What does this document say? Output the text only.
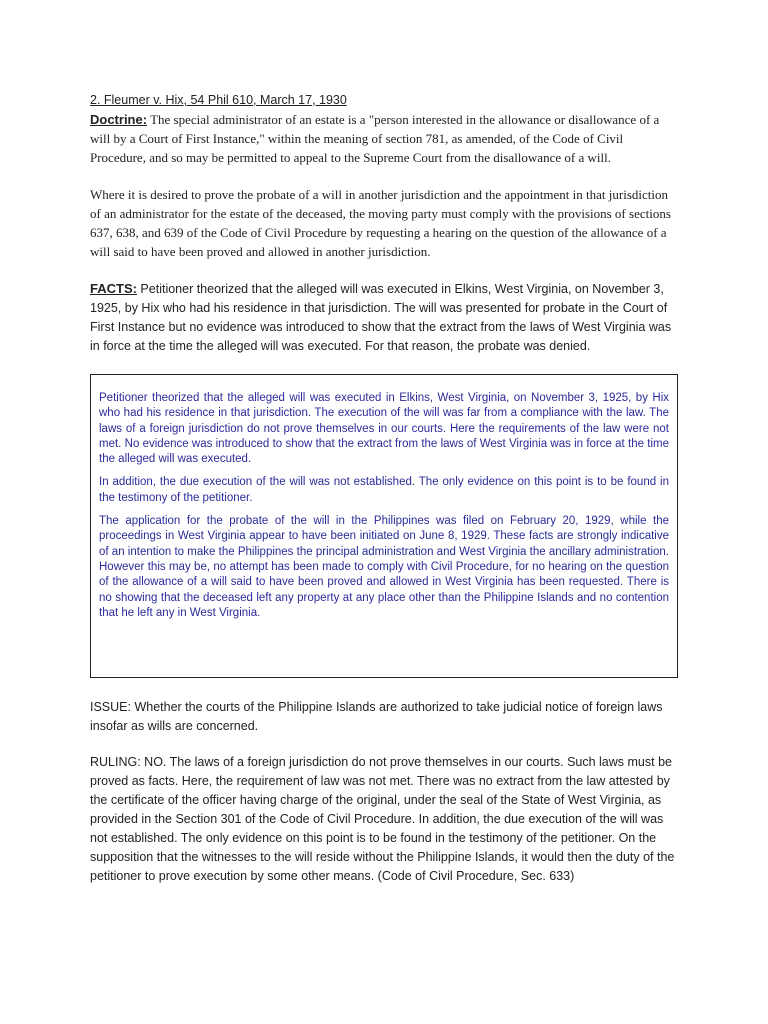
2. Fleumer v. Hix, 54 Phil 610, March 17, 1930

Doctrine: The special administrator of an estate is a "person interested in the allowance or disallowance of a will by a Court of First Instance," within the meaning of section 781, as amended, of the Code of Civil Procedure, and so may be permitted to appeal to the Supreme Court from the disallowance of a will.

Where it is desired to prove the probate of a will in another jurisdiction and the appointment in that jurisdiction of an administrator for the estate of the deceased, the moving party must comply with the provisions of sections 637, 638, and 639 of the Code of Civil Procedure by requesting a hearing on the question of the allowance of a will said to have been proved and allowed in another jurisdiction.

FACTS: Petitioner theorized that the alleged will was executed in Elkins, West Virginia, on November 3, 1925, by Hix who had his residence in that jurisdiction. The will was presented for probate in the Court of First Instance but no evidence was introduced to show that the extract from the laws of West Virginia was in force at the time the alleged will was executed. For that reason, the probate was denied.

Petitioner theorized that the alleged will was executed in Elkins, West Virginia, on November 3, 1925, by Hix who had his residence in that jurisdiction. The execution of the will was far from a compliance with the law. The laws of a foreign jurisdiction do not prove themselves in our courts. Here the requirements of the law were not met. No evidence was introduced to show that the extract from the laws of West Virginia was in force at the time the alleged will was executed.

In addition, the due execution of the will was not established. The only evidence on this point is to be found in the testimony of the petitioner.

The application for the probate of the will in the Philippines was filed on February 20, 1929, while the proceedings in West Virginia appear to have been initiated on June 8, 1929. These facts are strongly indicative of an intention to make the Philippines the principal administration and West Virginia the ancillary administration. However this may be, no attempt has been made to comply with Civil Procedure, for no hearing on the question of the allowance of a will said to have been proved and allowed in West Virginia has been requested. There is no showing that the deceased left any property at any place other than the Philippine Islands and no contention that he left any in West Virginia.

ISSUE: Whether the courts of the Philippine Islands are authorized to take judicial notice of foreign laws insofar as wills are concerned.

RULING: NO. The laws of a foreign jurisdiction do not prove themselves in our courts. Such laws must be proved as facts. Here, the requirement of law was not met. There was no extract from the law attested by the certificate of the officer having charge of the original, under the seal of the State of West Virginia, as provided in the Section 301 of the Code of Civil Procedure. In addition, the due execution of the will was not established. The only evidence on this point is to be found in the testimony of the petitioner. On the supposition that the witnesses to the will reside without the Philippine Islands, it would then the duty of the petitioner to prove execution by some other means. (Code of Civil Procedure, Sec. 633)
